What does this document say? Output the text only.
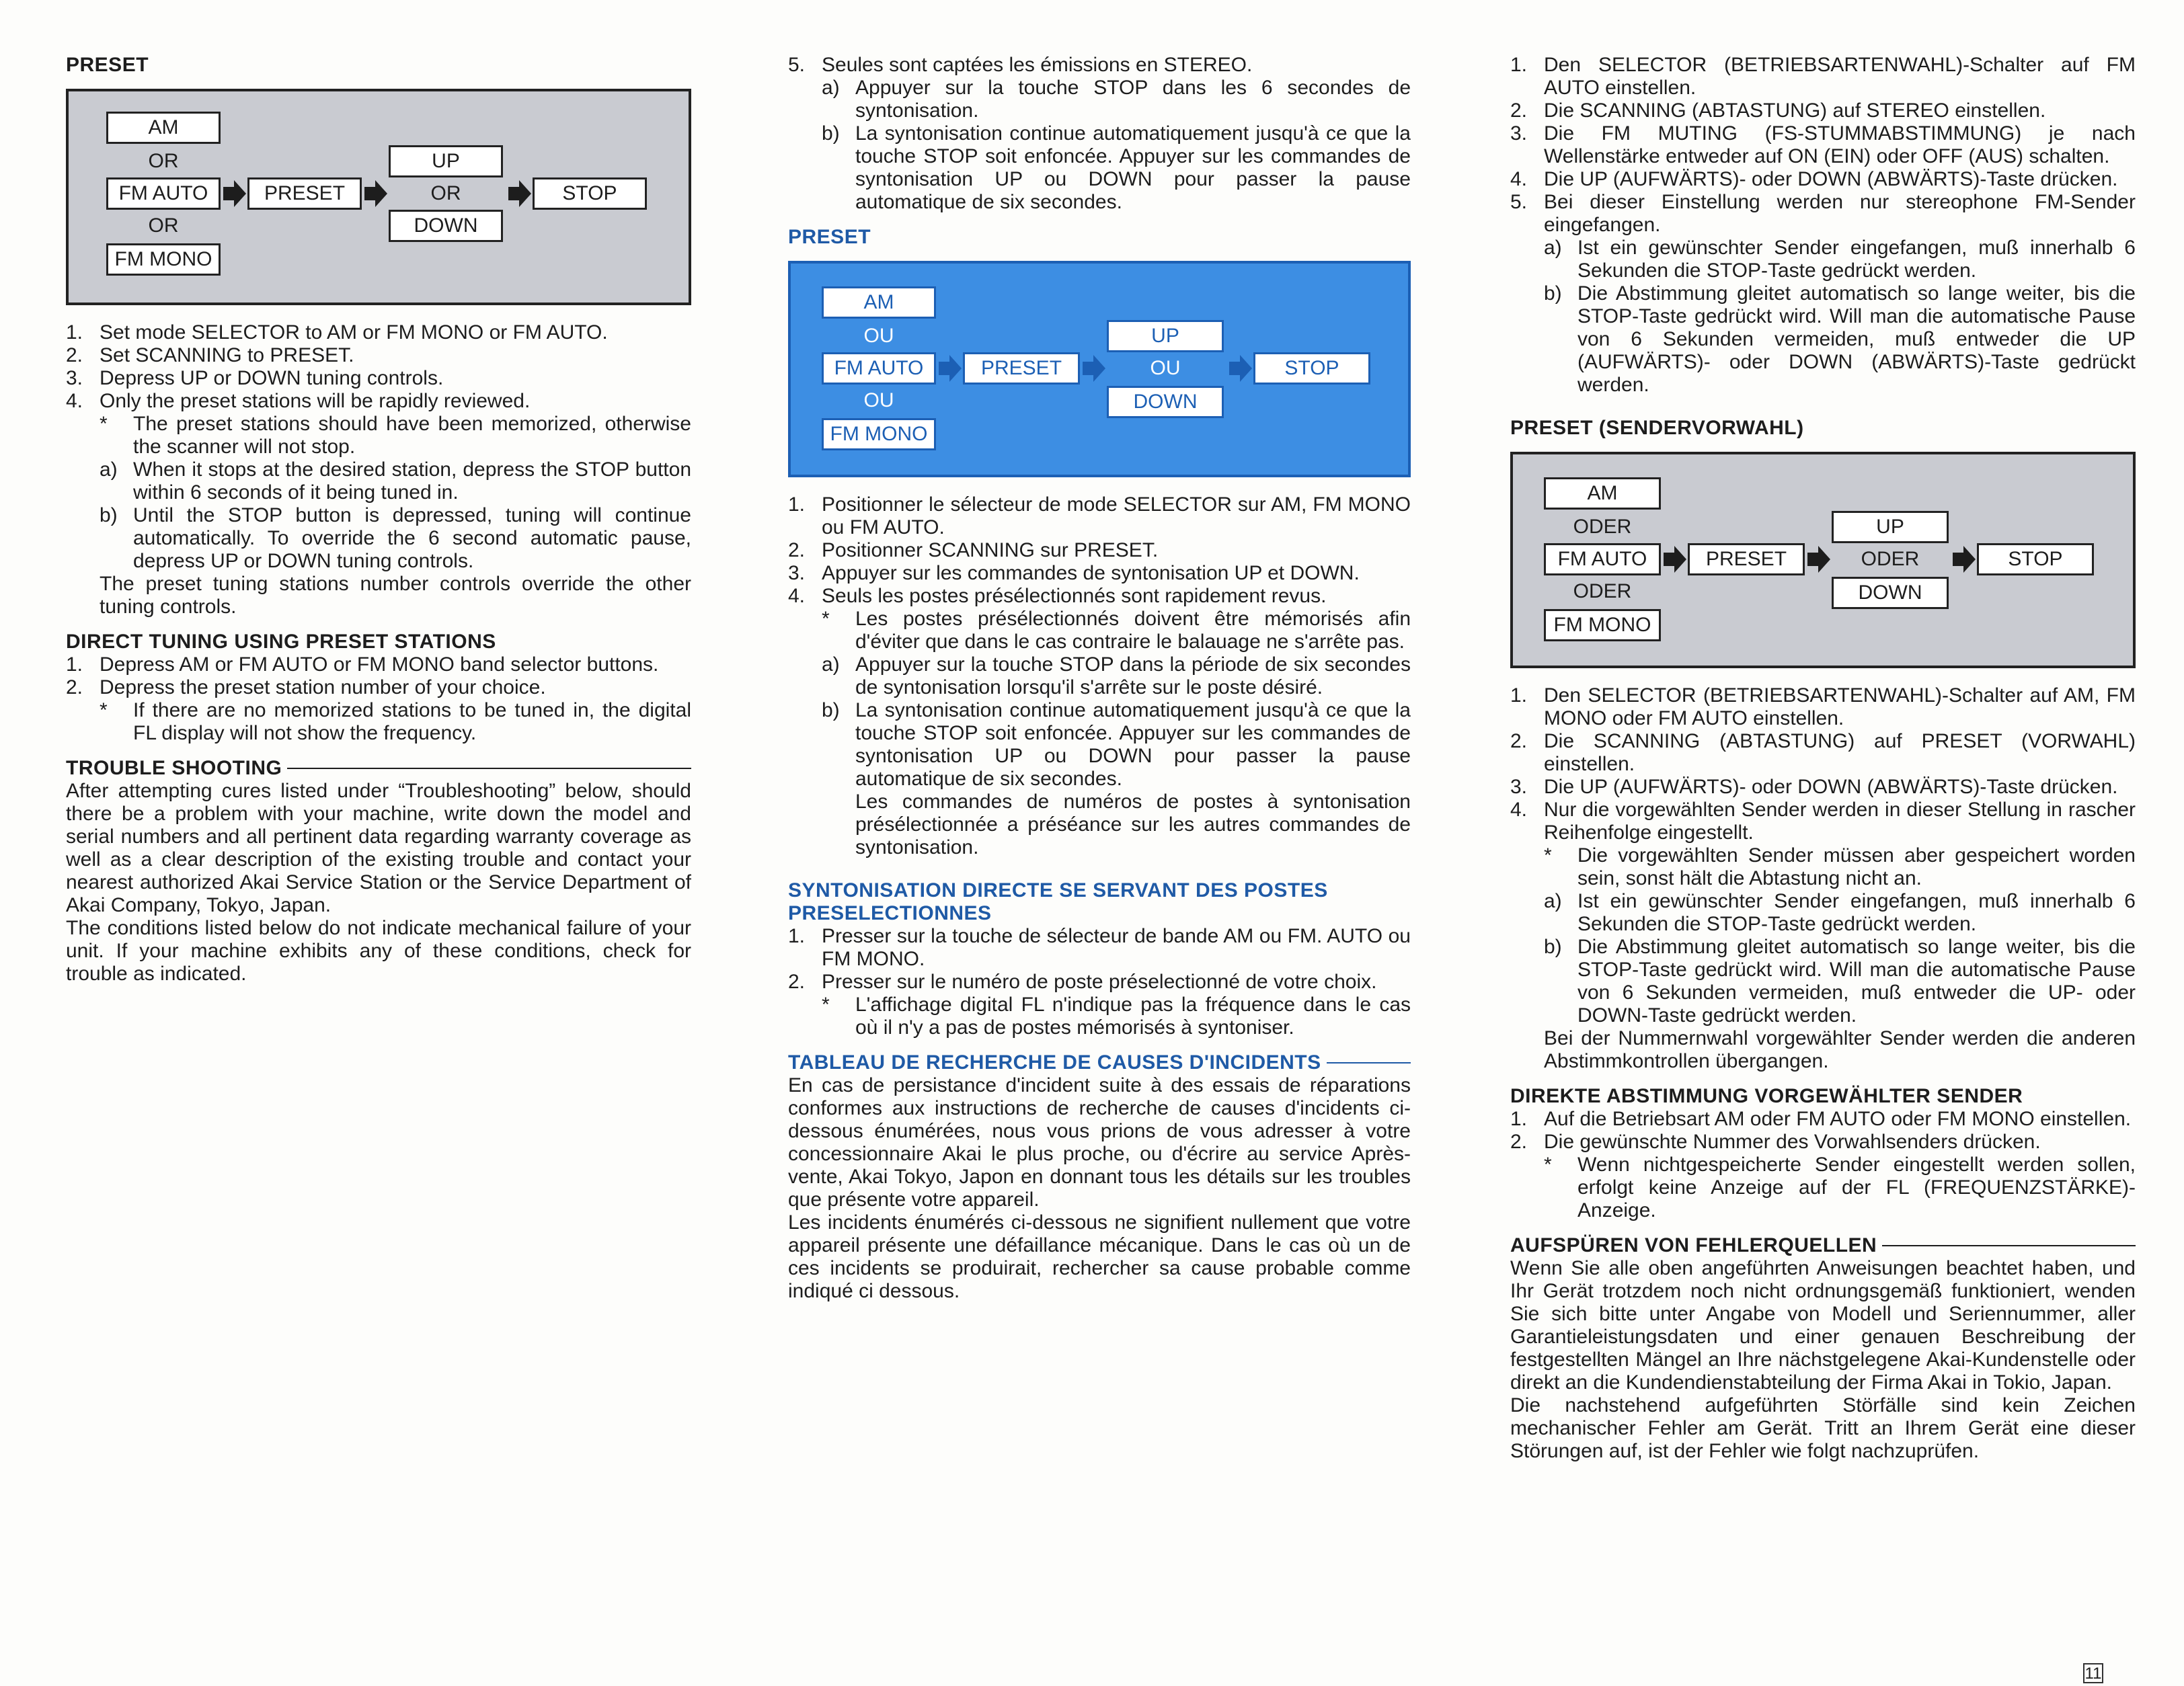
PRESET
AM
OR
FM AUTO
OR
FM MONO
PRESET
UP
OR
DOWN
STOP
1. Set mode SELECTOR to AM or FM MONO or FM AUTO.
2. Set SCANNING to PRESET.
3. Depress UP or DOWN tuning controls.
4. Only the preset stations will be rapidly reviewed.
*	The preset stations should have been memorized, otherwise the scanner will not stop.
a) When it stops at the desired station, depress the STOP button within 6 seconds of it being tuned in.
b) Until the STOP button is depressed, tuning will continue automatically. To override the 6 second automatic pause, depress UP or DOWN tuning controls.
The preset tuning stations number controls override the other tuning controls.
DIRECT TUNING USING PRESET STATIONS
1. Depress AM or FM AUTO or FM MONO band selector buttons.
2. Depress the preset station number of your choice.
*	If there are no memorized stations to be tuned in, the digital FL display will not show the frequency.
TROUBLE SHOOTING
After attempting cures listed under “Troubleshooting” below, should there be a problem with your machine, write down the model and serial numbers and all pertinent data regarding warranty coverage as well as a clear description of the existing trouble and contact your nearest authorized Akai Service Station or the Service Department of Akai Company, Tokyo, Japan.
The conditions listed below do not indicate mechanical failure of your unit. If your machine exhibits any of these conditions, check for trouble as indicated.
5. Seules sont captées les émissions en STEREO.
a) Appuyer sur la touche STOP dans les 6 secondes de syntonisation.
b) La syntonisation continue automatiquement jusqu'à ce que la touche STOP soit enfoncée. Appuyer sur les commandes de syntonisation UP ou DOWN pour passer la pause automatique de six secondes.
PRESET
AM
OU
FM AUTO
OU
FM MONO
PRESET
UP
OU
DOWN
STOP
1. Positionner le sélecteur de mode SELECTOR sur AM, FM MONO ou FM AUTO.
2. Positionner SCANNING sur PRESET.
3. Appuyer sur les commandes de syntonisation UP et DOWN.
4. Seuls les postes présélectionnés sont rapidement revus.
*	Les postes présélectionnés doivent être mémorisés afin d'éviter que dans le cas contraire le balauage ne s'arrête pas.
a) Appuyer sur la touche STOP dans la période de six secondes de syntonisation lorsqu'il s'arrête sur le poste désiré.
b) La syntonisation continue automatiquement jusqu'à ce que la touche STOP soit enfoncée. Appuyer sur les commandes de syntonisation UP ou DOWN pour passer la pause automatique de six secondes.
Les commandes de numéros de postes à syntonisation présélectionnée a préséance sur les autres commandes de syntonisation.
SYNTONISATION DIRECTE SE SERVANT DES POSTES PRESELECTIONNES
1. Presser sur la touche de sélecteur de bande AM ou FM. AUTO ou FM MONO.
2. Presser sur le numéro de poste préselectionné de votre choix.
*	L'affichage digital FL n'indique pas la fréquence dans le cas où il n'y a pas de postes mémorisés à syntoniser.
TABLEAU DE RECHERCHE DE CAUSES D'INCIDENTS
En cas de persistance d'incident suite à des essais de réparations conformes aux instructions de recherche de causes d'incidents ci-dessous énumérées, nous vous prions de vous adresser à votre concessionnaire Akai le plus proche, ou d'écrire au service Après-vente, Akai Tokyo, Japon en donnant tous les détails sur les troubles que présente votre appareil.
Les incidents énumérés ci-dessous ne signifient nullement que votre appareil présente une défaillance mécanique. Dans le cas où un de ces incidents se produirait, rechercher sa cause probable comme indiqué ci dessous.
1. Den SELECTOR (BETRIEBSARTENWAHL)-Schalter auf FM AUTO einstellen.
2. Die SCANNING (ABTASTUNG) auf STEREO einstellen.
3. Die FM MUTING (FS-STUMMABSTIMMUNG) je nach Wellenstärke entweder auf ON (EIN) oder OFF (AUS) schalten.
4. Die UP (AUFWÄRTS)- oder DOWN (ABWÄRTS)-Taste drücken.
5. Bei dieser Einstellung werden nur stereophone FM-Sender eingefangen.
a) Ist ein gewünschter Sender eingefangen, muß innerhalb 6 Sekunden die STOP-Taste gedrückt werden.
b) Die Abstimmung gleitet automatisch so lange weiter, bis die STOP-Taste gedrückt wird. Will man die automatische Pause von 6 Sekunden vermeiden, muß entweder die UP (AUFWÄRTS)- oder DOWN (ABWÄRTS)-Taste gedrückt werden.
PRESET (SENDERVORWAHL)
AM
ODER
FM AUTO
ODER
FM MONO
PRESET
UP
ODER
DOWN
STOP
1. Den SELECTOR (BETRIEBSARTENWAHL)-Schalter auf AM, FM MONO oder FM AUTO einstellen.
2. Die SCANNING (ABTASTUNG) auf PRESET (VORWAHL) einstellen.
3. Die UP (AUFWÄRTS)- oder DOWN (ABWÄRTS)-Taste drücken.
4. Nur die vorgewählten Sender werden in dieser Stellung in rascher Reihenfolge eingestellt.
*	Die vorgewählten Sender müssen aber gespeichert worden sein, sonst hält die Abtastung nicht an.
a) Ist ein gewünschter Sender eingefangen, muß innerhalb 6 Sekunden die STOP-Taste gedrückt werden.
b) Die Abstimmung gleitet automatisch so lange weiter, bis die STOP-Taste gedrückt wird. Will man die automatische Pause von 6 Sekunden vermeiden, muß entweder die UP- oder DOWN-Taste gedrückt werden.
Bei der Nummernwahl vorgewählter Sender werden die anderen Abstimmkontrollen übergangen.
DIREKTE ABSTIMMUNG VORGEWÄHLTER SENDER
1. Auf die Betriebsart AM oder FM AUTO oder FM MONO einstellen.
2. Die gewünschte Nummer des Vorwahlsenders drücken.
*	Wenn nichtgespeicherte Sender eingestellt werden sollen, erfolgt keine Anzeige auf der FL (FREQUENZSTÄRKE)-Anzeige.
AUFSPÜREN VON FEHLERQUELLEN
Wenn Sie alle oben angeführten Anweisungen beachtet haben, und Ihr Gerät trotzdem noch nicht ordnungsgemäß funktioniert, wenden Sie sich bitte unter Angabe von Modell und Seriennummer, aller Garantieleistungsdaten und einer genauen Beschreibung der festgestellten Mängel an Ihre nächstgelegene Akai-Kundenstelle oder direkt an die Kundendienstabteilung der Firma Akai in Tokio, Japan.
Die nachstehend aufgeführten Störfälle sind kein Zeichen mechanischer Fehler am Gerät. Tritt an Ihrem Gerät eine dieser Störungen auf, ist der Fehler wie folgt nachzuprüfen.
11
